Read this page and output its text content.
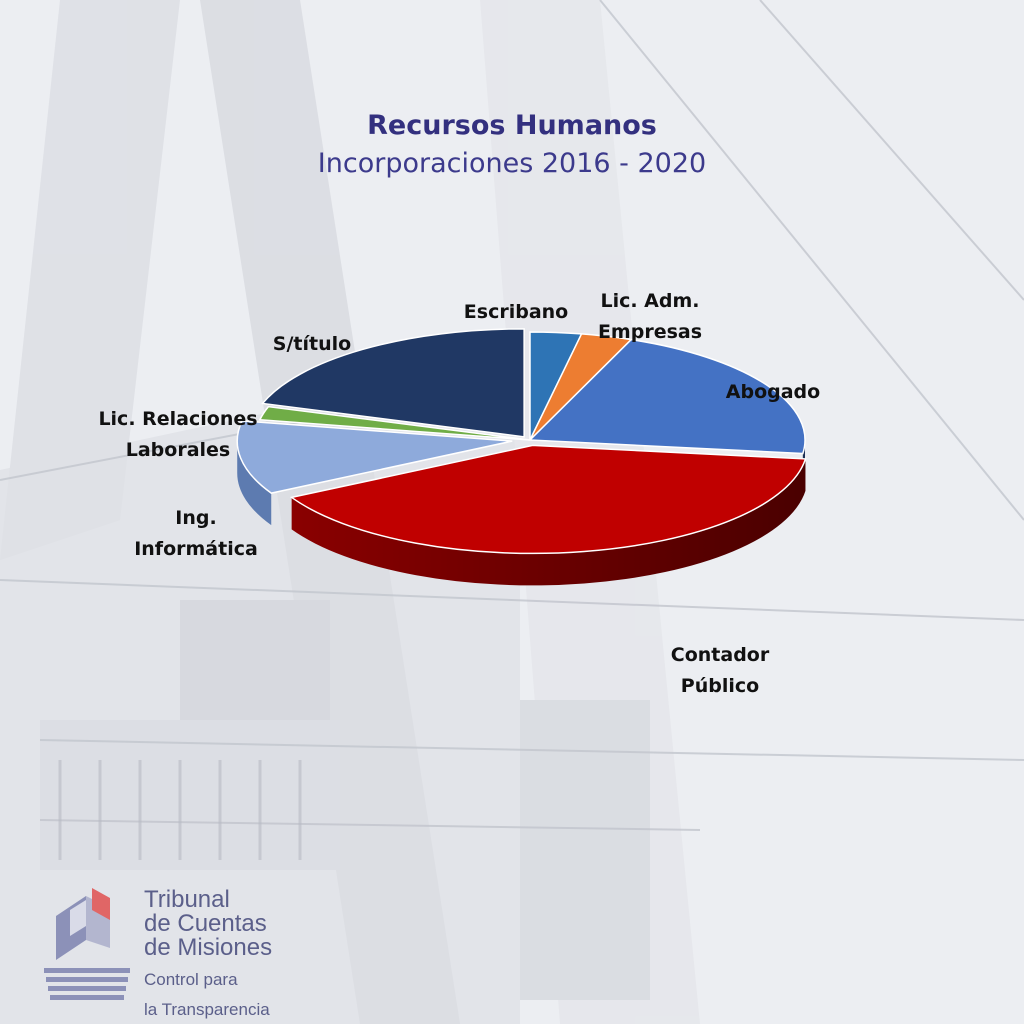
Recursos Humanos
Incorporaciones 2016 - 2020
Escribano Lic. Adm. Empresas
Abogado
Contador Público
Ing. Informática
Lic. Relaciones Laborales
S/título
Tribunal
de Cuentas
de Misiones
Control para
la Transparencia
